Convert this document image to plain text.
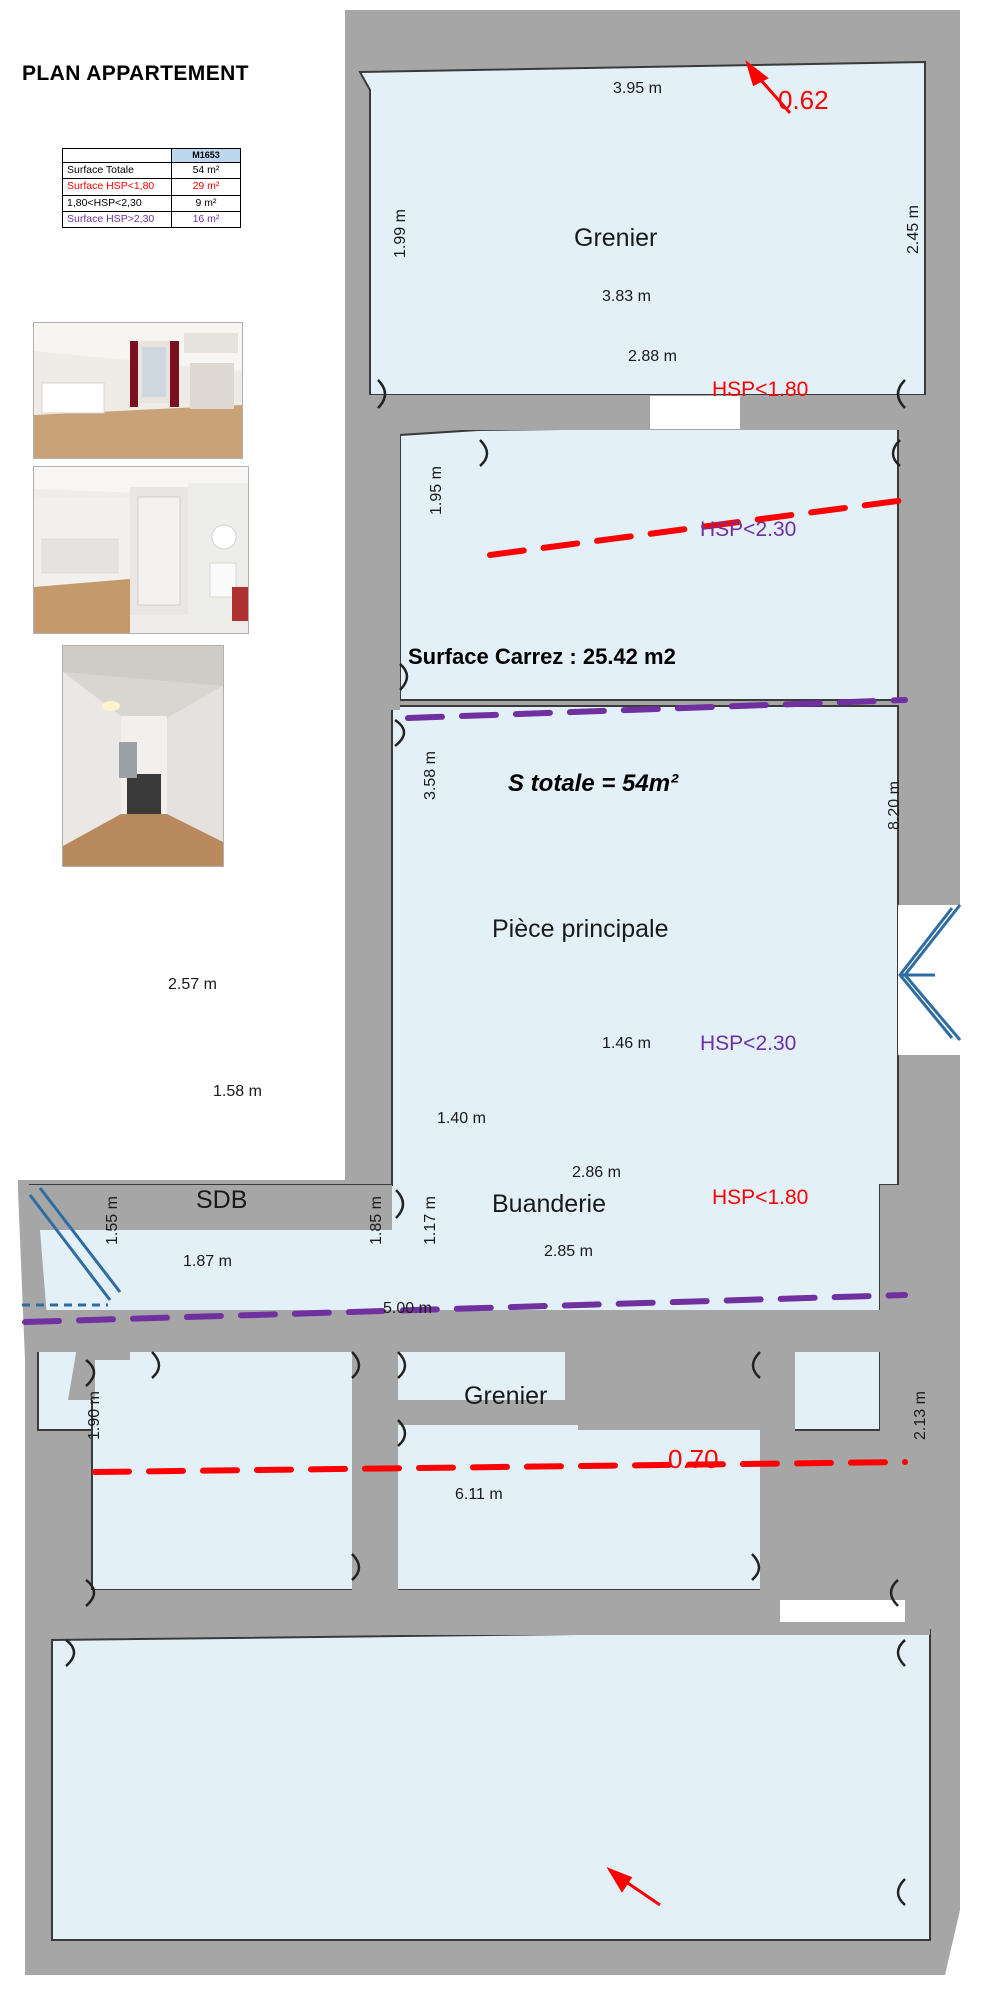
PLAN APPARTEMENT
	M1653
Surface Totale	54 m²
Surface HSP<1,80	29 m²
1,80<HSP<2,30	9 m²
Surface HSP>2,30	16 m²
Grenier
3.95 m
1.99 m	2.45 m
3.83 m
0.62
2.88 m
1.95 m
HSP<1.80
HSP<2.30
Surface Carrez : 25.42 m2
S totale = 54m²
Pièce principale
3.58 m
8.20 m
2.57 m
HSP<2.30
1.46 m
1.58 m
1.40 m
2.86 m
HSP<1.80
SDB	Buanderie
1.55 m	1.85 m 1.17 m
1.87 m
2.85 m
5.00 m
Grenier
1.90 m	2.13 m
6.11 m
0.70
